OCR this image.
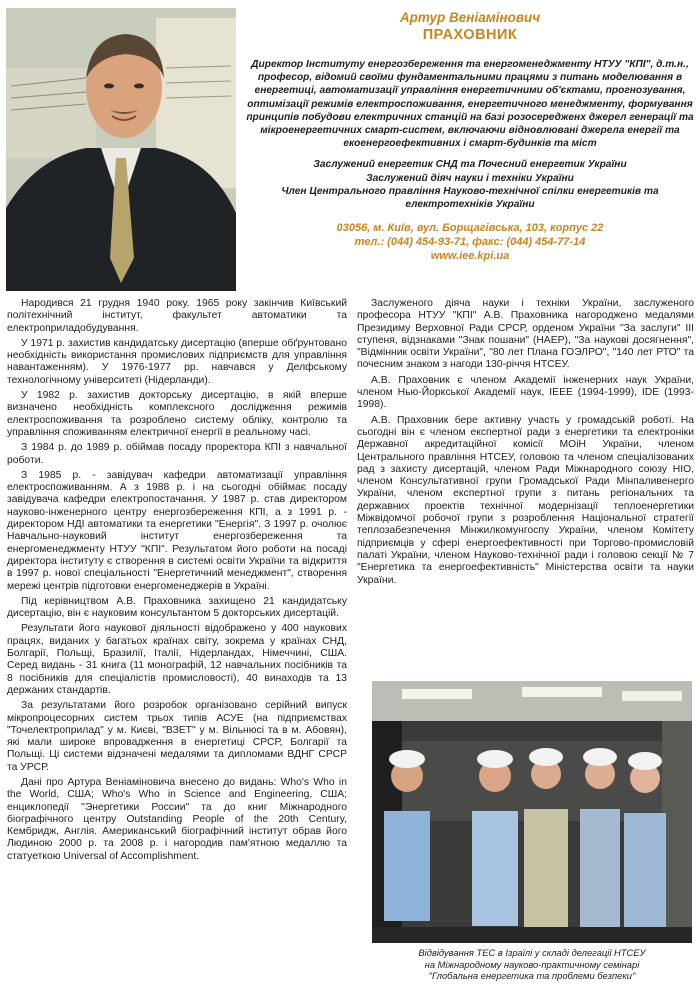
Артур Веніамінович
ПРАХОВНИК
Директор Інституту енергозбереження та енергоменеджменту НТУУ "КПІ", д.т.н., професор, відомий своїми фундаментальними працями з питань моделювання в енергетиці, автоматизації управління енергетичними об'єктами, прогнозування, оптимізації режимів електроспоживання, енергетичного менеджменту, формування принципів побудови електричних станцій на базі розосередженх джерел генерації та мікроенергетичних смарт-систем, включаючи відновлювані джерела енергії та екоенергоефективних і смарт-будинків та міст
Заслужений енергетик СНД та Почесний енергетик України
Заслужений діяч науки і техніки України
Член Центрального правління Науково-технічної спілки енергетиків та електротехніків України
03056, м. Київ, вул. Борщагівська, 103, корпус 22
тел.: (044) 454-93-71, факс: (044) 454-77-14
www.iee.kpi.ua

Народився 21 грудня 1940 року. 1965 року закінчив Київський політехнічний інститут, факультет автоматики та електроприладобудування.

У 1971 р. захистив кандидатську дисертацію (вперше обґрунтовано необхідність використання промислових підприємств для управління навантаженням). У 1976-1977 рр. навчався у Делфському технологічному університеті (Нідерланди).

У 1982 р. захистив докторську дисертацію, в якій вперше визначено необхідність комплексного дослідження режимів електроспоживання та розроблено систему обліку, контролю та управління споживанням електричної енергії в реальному часі.

З 1984 р. до 1989 р. обіймав посаду проректора КПІ з навчальної роботи.

З 1985 р. - завідувач кафедри автоматизації управління електроспоживанням. А з 1988 р. і на сьогодні обіймає посаду завідувача кафедри електропостачання. У 1987 р. став директором науково-інженерного центру енергозбереження КПІ, а з 1991 р. - директором НДІ автоматики та енергетики "Енергія". З 1997 р. очолює Навчально-науковий інститут енергозбереження та енергоменеджменту НТУУ "КПІ". Результатом його роботи на посаді директора інституту є створення в системі освіти України та відкриття в 1997 р. нової спеціальності "Енергетичний менеджмент", створення мережі центрів підготовки енергоменеджерів в Україні.

Під керівництвом А.В. Праховника захищено 21 кандидатську дисертацію, він є науковим консультантом 5 докторських дисертацій.

Результати його наукової діяльності відображено у 400 наукових працях, виданих у багатьох країнах світу, зокрема у країнах СНД, Болгарії, Польщі, Бразилії, Італії, Нідерландах, Німеччині, США. Серед видань - 31 книга (11 монографій, 12 навчальних посібників та 8 посібників для спеціалістів промисловості), 40 винаходів та 13 держаних стандартів.

За результатами його розробок організовано серійний випуск мікропроцесорних систем трьох типів АСУЕ (на підприємствах "Точелектроприлад" у м. Києві, "ВЗЕТ" у м. Вільнюсі та в м. Абовян), які мали широке впровадження в енергетиці СРСР, Болгарії та Польщі. Ці системи відзначені медалями та дипломами ВДНГ СРСР та УРСР.

Дані про Артура Веніаміновича внесено до видань: Who's Who in the World, США; Who's Who in Science and Engineering, США; енциклопедії "Энергетики России" та до книг Міжнародного біографічного центру Outstanding People of the 20th Century, Кембридж, Англія. Американський біографічний інститут обрав його Людиною 2000 р. та 2008 р. і нагородив пам'ятною медаллю та статуеткою Universal of Accomplishment.

Заслуженого діяча науки і техніки України, заслуженого професора НТУУ "КПІ" А.В. Праховника нагороджено медалями Президиму Верховної Ради СРСР, орденом України "За заслуги" III ступеня, відзнаками "Знак пошани" (НАЕР), "За наукові досягнення", "Відмінник освіти України", "80 лет Плана ГОЭЛРО", "140 лет РТО" та почесним знаком з нагоди 130-річчя НТСЕУ.

А.В. Праховник є членом Академії інженерних наук України, членом Нью-Йоркської Академії наук, IEEE (1994-1999), IDE (1993-1998).

А.В. Праховник бере активну участь у громадській роботі. На сьогодні він є членом експертної ради з енергетики та електроніки Державної акредитаційної комісії МОіН України, членом Центрального правління НТСЕУ, головою та членом спеціалізованих рад з захисту дисертацій, членом Ради Міжнародного союзу НІО, членом Консультативної групи Громадської Ради Мінпаливенерго України, членом експертної групи з питань регіональних та державних проектів технічної модернізації теплоенергетики Міжвідомчої робочої групи з розроблення Національної стратегії теплозабезпечення Мінжилкомунгоспу України, членом Комітету підприємців у сфері енергоефективності при Торгово-промисловій палаті України, членом Науково-технічної ради і головою секції № 7 "Енергетика та енергоефективність" Міністерства освіти та науки України.

Відвідування ТЕС в Ізраїлі у складі делегації НТСЕУ
на Міжнародному науково-практичному семінарі
"Глобальна енергетика та проблеми безпеки"
